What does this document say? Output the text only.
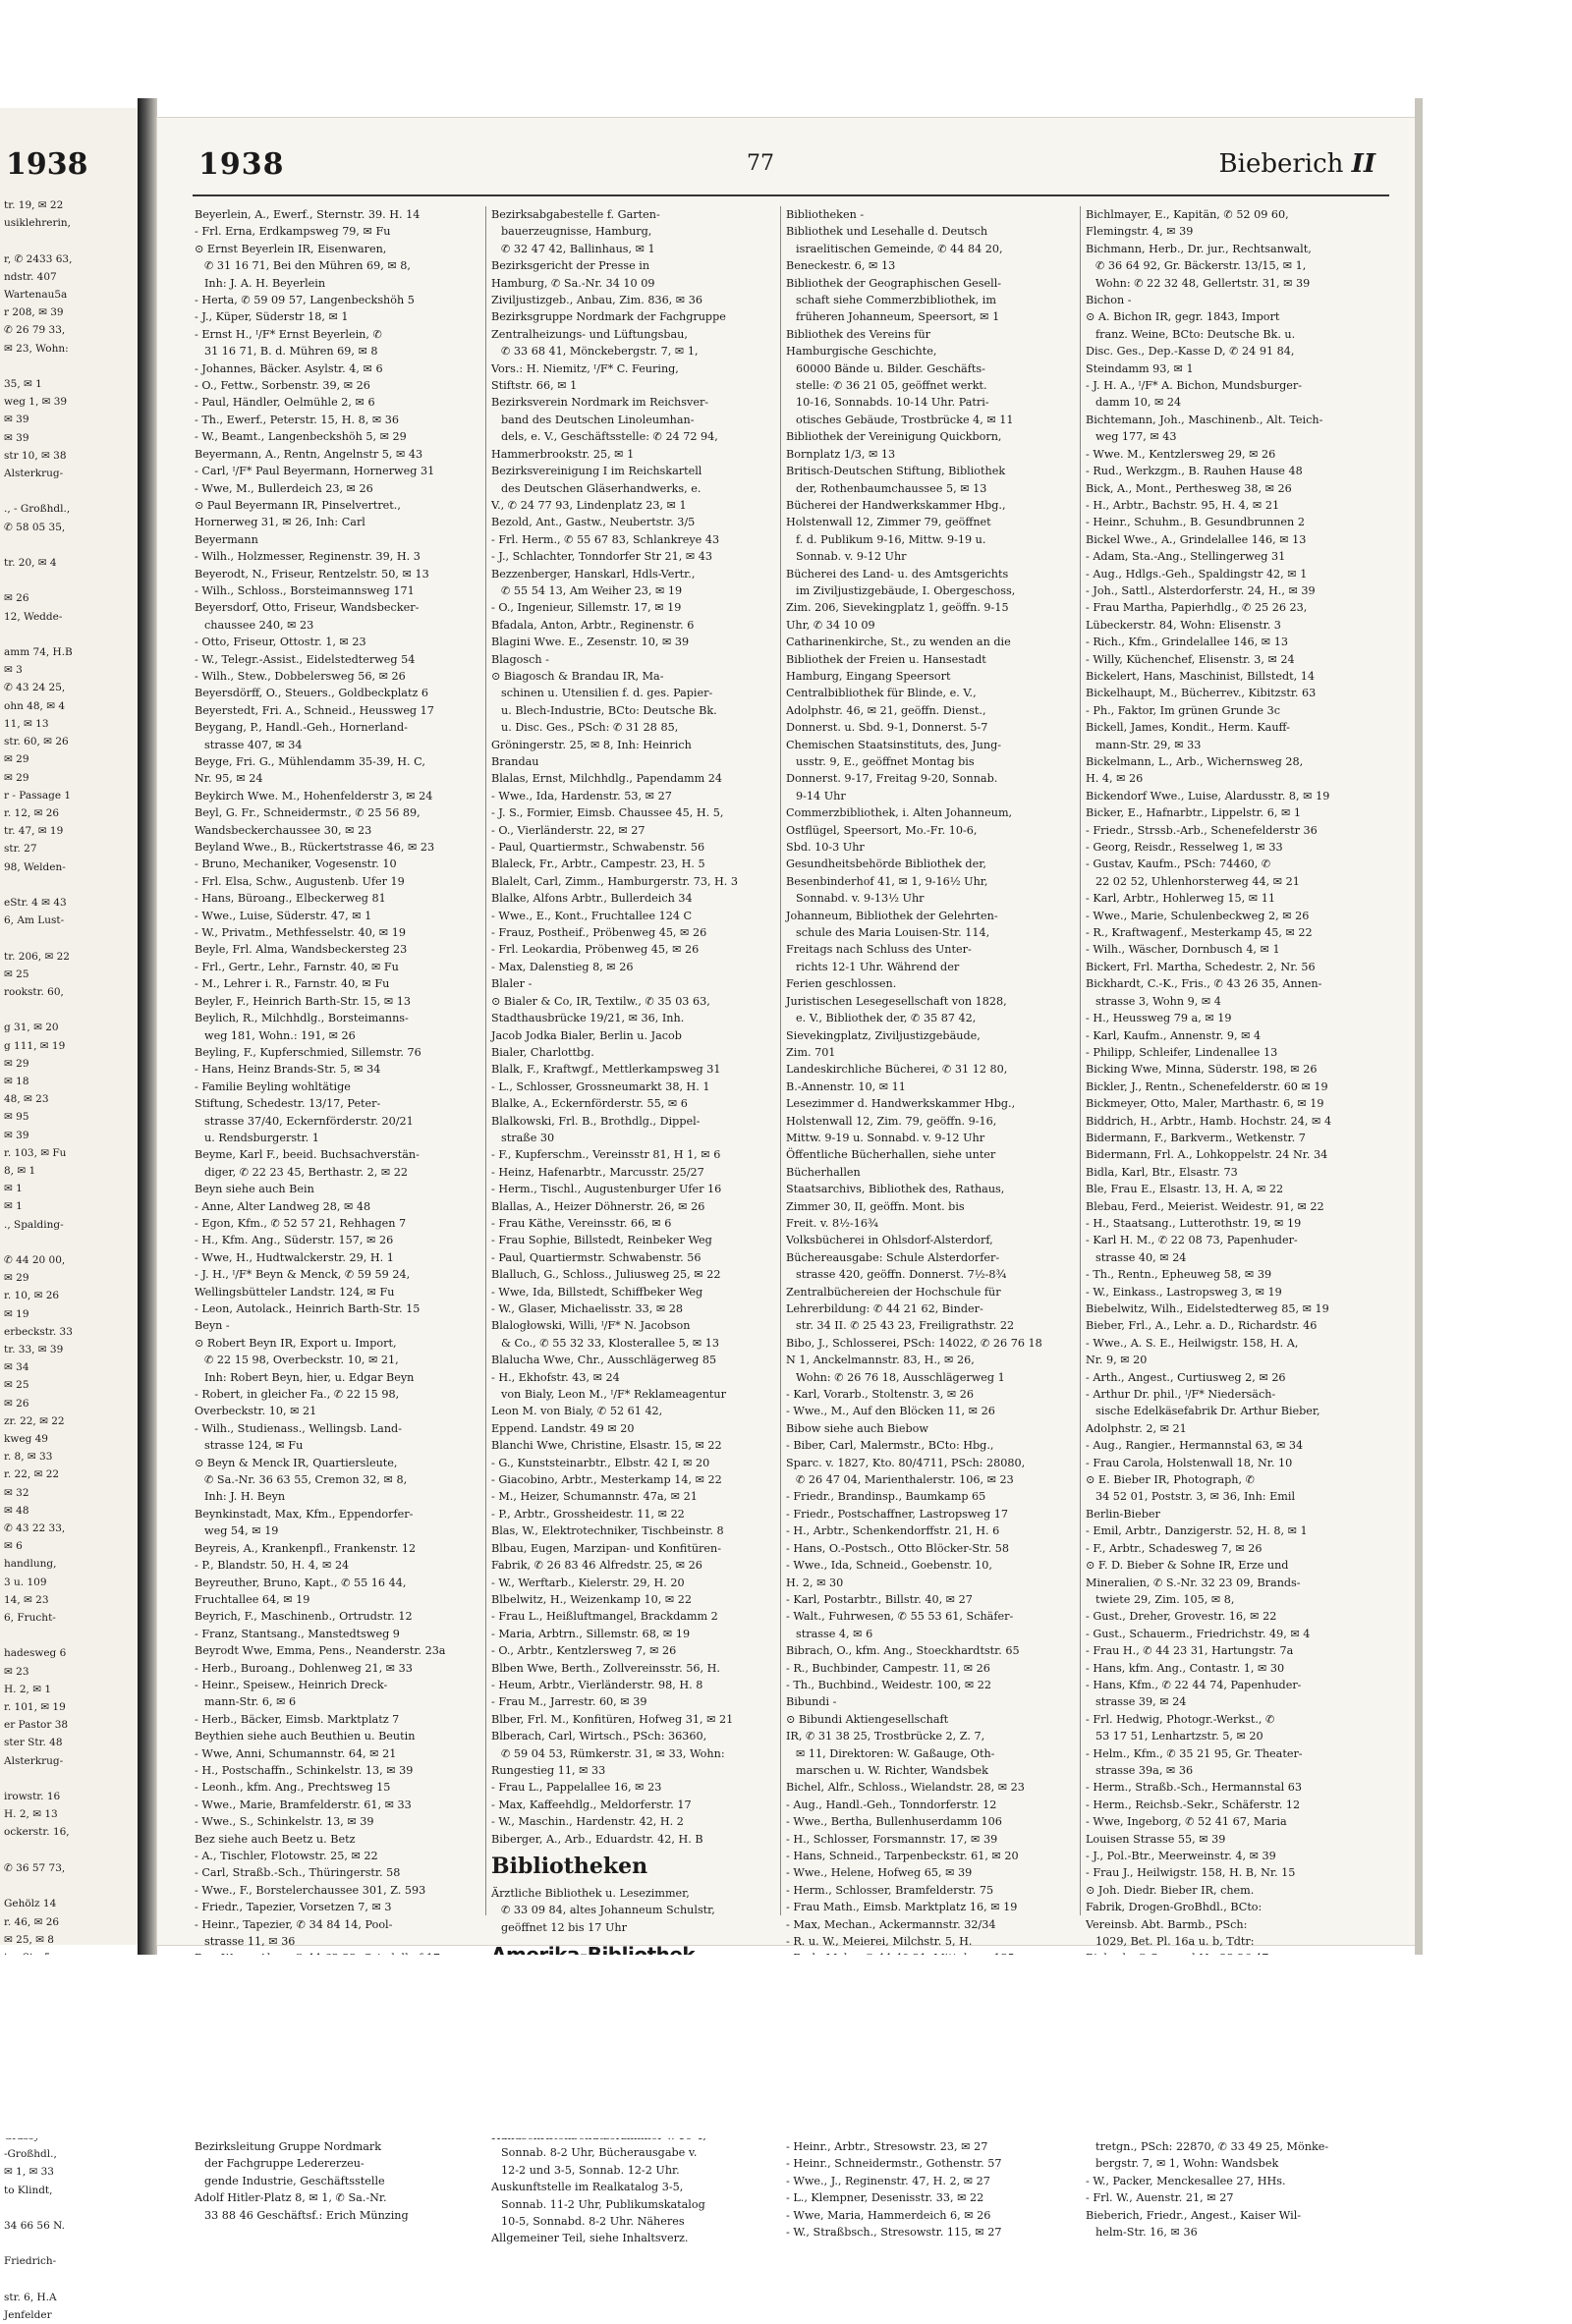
1938
tr. 19, ✉ 22
usiklehrerin,

r, ✆ 2433 63,
ndstr. 407
Wartenau5a
r 208, ✉ 39
✆ 26 79 33,
✉ 23, Wohn:

35, ✉ 1
weg 1, ✉ 39
✉ 39
✉ 39
str 10, ✉ 38
Alsterkrug-

., - Großhdl.,
✆ 58 05 35,

tr. 20, ✉ 4

✉ 26
12, Wedde-

amm 74, H.B
✉ 3
✆ 43 24 25,
ohn 48, ✉ 4
11, ✉ 13
str. 60, ✉ 26
✉ 29
✉ 29
r - Passage 1
r. 12, ✉ 26
tr. 47, ✉ 19
str. 27
98, Welden-

eStr. 4 ✉ 43
6, Am Lust-

tr. 206, ✉ 22
✉ 25
rookstr. 60,

g 31, ✉ 20
g 111, ✉ 19
✉ 29
✉ 18
48, ✉ 23
✉ 95
✉ 39
r. 103, ✉ Fu
8, ✉ 1
✉ 1
✉ 1
., Spalding-

✆ 44 20 00,
✉ 29
r. 10, ✉ 26
✉ 19
erbeckstr. 33
tr. 33, ✉ 39
✉ 34
✉ 25
✉ 26
zr. 22, ✉ 22
kweg 49
r. 8, ✉ 33
r. 22, ✉ 22
✉ 32
✉ 48
✆ 43 22 33,
✉ 6
handlung,
3 u. 109
14, ✉ 23
6, Frucht-

hadesweg 6
✉ 23
H. 2, ✉ 1
r. 101, ✉ 19
er Pastor 38
ster Str. 48
Alsterkrug-

irowstr. 16
H. 2, ✉ 13
ockerstr. 16,

✆ 36 57 73,

Gehölz 14
r. 46, ✉ 26
✉ 25, ✉ 8

-Großhdl.,
✉ 1, ✉ 33
to Klindt,

34 66 56 N.

Friedrich-

str. 6, H.A
Jenfelder
1938	77	Bieberich II
Beyerlein, A., Ewerf., Sternstr. 39. H. 14
- Frl. Erna, Erdkampsweg 79, ✉ Fu
⊙ Ernst Beyerlein IR, Eisenwaren,
✆ 31 16 71, Bei den Mühren 69, ✉ 8,
Inh: J. A. H. Beyerlein
- Herta, ✆ 59 09 57, Langenbeckshöh 5
- J., Küper, Süderstr 18, ✉ 1
- Ernst H., ᴵ/F* Ernst Beyerlein, ✆
31 16 71, B. d. Mühren 69, ✉ 8
- Johannes, Bäcker. Asylstr. 4, ✉ 6
- O., Fettw., Sorbenstr. 39, ✉ 26
- Paul, Händler, Oelmühle 2, ✉ 6
- Th., Ewerf., Peterstr. 15, H. 8, ✉ 36
- W., Beamt., Langenbeckshöh 5, ✉ 29
Beyermann, A., Rentn, Angelnstr 5, ✉ 43
- Carl, ᴵ/F* Paul Beyermann, Hornerweg 31
- Wwe, M., Bullerdeich 23, ✉ 26
⊙ Paul Beyermann IR, Pinselvertret.,
Hornerweg 31, ✉ 26, Inh: Carl
Beyermann
- Wilh., Holzmesser, Reginenstr. 39, H. 3
Beyerodt, N., Friseur, Rentzelstr. 50, ✉ 13
- Wilh., Schloss., Borsteimannsweg 171
Beyersdorf, Otto, Friseur, Wandsbecker-
chaussee 240, ✉ 23
- Otto, Friseur, Ottostr. 1, ✉ 23
- W., Telegr.-Assist., Eidelstedterweg 54
- Wilh., Stew., Dobbelersweg 56, ✉ 26
Beyersdörff, O., Steuers., Goldbeckplatz 6
Beyerstedt, Fri. A., Schneid., Heussweg 17
Beygang, P., Handl.-Geh., Hornerland-
strasse 407, ✉ 34
Beyge, Fri. G., Mühlendamm 35-39, H. C,
Nr. 95, ✉ 24
Beykirch Wwe. M., Hohenfelderstr 3, ✉ 24
Beyl, G. Fr., Schneidermstr., ✆ 25 56 89,
Wandsbeckerchaussee 30, ✉ 23
Beyland Wwe., B., Rückertstrasse 46, ✉ 23
- Bruno, Mechaniker, Vogesenstr. 10
- Frl. Elsa, Schw., Augustenb. Ufer 19
- Hans, Büroang., Elbeckerweg 81
- Wwe., Luise, Süderstr. 47, ✉ 1
- W., Privatm., Methfesselstr. 40, ✉ 19
Beyle, Frl. Alma, Wandsbeckersteg 23
- Frl., Gertr., Lehr., Farnstr. 40, ✉ Fu
- M., Lehrer i. R., Farnstr. 40, ✉ Fu
Beyler, F., Heinrich Barth-Str. 15, ✉ 13
Beylich, R., Milchhdlg., Borsteimanns-
weg 181, Wohn.: 191, ✉ 26
Beyling, F., Kupferschmied, Sillemstr. 76
- Hans, Heinz Brands-Str. 5, ✉ 34
- Familie Beyling wohltätige
Stiftung, Schedestr. 13/17, Peter-
strasse 37/40, Eckernförderstr. 20/21
u. Rendsburgerstr. 1
Beyme, Karl F., beeid. Buchsachverstän-
diger, ✆ 22 23 45, Berthastr. 2, ✉ 22
Beyn siehe auch Bein
- Anne, Alter Landweg 28, ✉ 48
- Egon, Kfm., ✆ 52 57 21, Rehhagen 7
- H., Kfm. Ang., Süderstr. 157, ✉ 26
- Wwe, H., Hudtwalckerstr. 29, H. 1
- J. H., ᴵ/F* Beyn & Menck, ✆ 59 59 24,
Wellingsbütteler Landstr. 124, ✉ Fu
- Leon, Autolack., Heinrich Barth-Str. 15
Beyn -
⊙ Robert Beyn IR, Export u. Import,
✆ 22 15 98, Overbeckstr. 10, ✉ 21,
Inh: Robert Beyn, hier, u. Edgar Beyn
- Robert, in gleicher Fa., ✆ 22 15 98,
Overbeckstr. 10, ✉ 21
- Wilh., Studienass., Wellingsb. Land-
strasse 124, ✉ Fu
⊙ Beyn & Menck IR, Quartiersleute,
✆ Sa.-Nr. 36 63 55, Cremon 32, ✉ 8,
Inh: J. H. Beyn
Beynkinstadt, Max, Kfm., Eppendorfer-
weg 54, ✉ 19
Beyreis, A., Krankenpfl., Frankenstr. 12
- P., Blandstr. 50, H. 4, ✉ 24
Beyreuther, Bruno, Kapt., ✆ 55 16 44,
Fruchtallee 64, ✉ 19
Beyrich, F., Maschinenb., Ortrudstr. 12
- Franz, Stantsang., Manstedtsweg 9
Beyrodt Wwe, Emma, Pens., Neanderstr. 23a
- Herb., Buroang., Dohlenweg 21, ✉ 33
- Heinr., Speisew., Heinrich Dreck-
mann-Str. 6, ✉ 6
- Herb., Bäcker, Eimsb. Marktplatz 7
Beythien siehe auch Beuthien u. Beutin
- Wwe, Anni, Schumannstr. 64, ✉ 21
- H., Postschaffn., Schinkelstr. 13, ✉ 39
- Leonh., kfm. Ang., Prechtsweg 15
- Wwe., Marie, Bramfelderstr. 61, ✉ 33
- Wwe., S., Schinkelstr. 13, ✉ 39
Bez siehe auch Beetz u. Betz
- A., Tischler, Flotowstr. 25, ✉ 22
- Carl, Straßb.-Sch., Thüringerstr. 58
- Wwe., F., Borstelerchaussee 301, Z. 593
- Friedr., Tapezier, Vorsetzen 7, ✉ 3
- Heinr., Tapezier, ✆ 34 84 14, Pool-
strasse 11, ✉ 36
Bezirksleitung Gruppe Nordmark
der Fachgruppe Ledererzeu-
gende Industrie, Geschäftsstelle
Adolf Hitler-Platz 8, ✉ 1, ✆ Sa.-Nr.
33 88 46 Geschäftsf.: Erich Münzing
Bezirksabgabestelle f. Garten-
bauerzeugnisse, Hamburg,
✆ 32 47 42, Ballinhaus, ✉ 1
Bezirksgericht der Presse in
Hamburg, ✆ Sa.-Nr. 34 10 09
Ziviljustizgeb., Anbau, Zim. 836, ✉ 36
Bezirksgruppe Nordmark der Fachgruppe
Zentralheizungs- und Lüftungsbau,
✆ 33 68 41, Mönckebergstr. 7, ✉ 1,
Vors.: H. Niemitz, ᴵ/F* C. Feuring,
Stiftstr. 66, ✉ 1
Bezirksverein Nordmark im Reichsver-
band des Deutschen Linoleumhan-
dels, e. V., Geschäftsstelle: ✆ 24 72 94,
Hammerbrookstr. 25, ✉ 1
Bezirksvereinigung I im Reichskartell
des Deutschen Gläserhandwerks, e.
V., ✆ 24 77 93, Lindenplatz 23, ✉ 1
Bezold, Ant., Gastw., Neubertstr. 3/5
- Frl. Herm., ✆ 55 67 83, Schlankreye 43
- J., Schlachter, Tonndorfer Str 21, ✉ 43
Bezzenberger, Hanskarl, Hdls-Vertr.,
✆ 55 54 13, Am Weiher 23, ✉ 19
- O., Ingenieur, Sillemstr. 17, ✉ 19
Bfadala, Anton, Arbtr., Reginenstr. 6
Blagini Wwe. E., Zesenstr. 10, ✉ 39
Blagosch -
⊙ Biagosch & Brandau IR, Ma-
schinen u. Utensilien f. d. ges. Papier-
u. Blech-Industrie, BCto: Deutsche Bk.
u. Disc. Ges., PSch: ✆ 31 28 85,
Gröningerstr. 25, ✉ 8, Inh: Heinrich
Brandau
Blalas, Ernst, Milchhdlg., Papendamm 24
- Wwe., Ida, Hardenstr. 53, ✉ 27
- J. S., Formier, Eimsb. Chaussee 45, H. 5,
- O., Vierländerstr. 22, ✉ 27
- Paul, Quartiermstr., Schwabenstr. 56
Blaleck, Fr., Arbtr., Campestr. 23, H. 5
Blalelt, Carl, Zimm., Hamburgerstr. 73, H. 3
Blalke, Alfons Arbtr., Bullerdeich 34
- Wwe., E., Kont., Fruchtallee 124 C
- Frauz, Postheif., Pröbenweg 45, ✉ 26
- Frl. Leokardia, Pröbenweg 45, ✉ 26
- Max, Dalenstieg 8, ✉ 26
Blaler -
⊙ Bialer & Co, IR, Textilw., ✆ 35 03 63,
Stadthausbrücke 19/21, ✉ 36, Inh.
Jacob Jodka Bialer, Berlin u. Jacob
Bialer, Charlottbg.
Blalk, F., Kraftwgf., Mettlerkampsweg 31
- L., Schlosser, Grossneumarkt 38, H. 1
Blalke, A., Eckernförderstr. 55, ✉ 6
Blalkowski, Frl. B., Brothdlg., Dippel-
straße 30
- F., Kupferschm., Vereinsstr 81, H 1, ✉ 6
- Heinz, Hafenarbtr., Marcusstr. 25/27
- Herm., Tischl., Augustenburger Ufer 16
Blallas, A., Heizer Döhnerstr. 26, ✉ 26
- Frau Käthe, Vereinsstr. 66, ✉ 6
- Frau Sophie, Billstedt, Reinbeker Weg
- Paul, Quartiermstr. Schwabenstr. 56
Blalluch, G., Schloss., Juliusweg 25, ✉ 22
- Wwe, Ida, Billstedt, Schiffbeker Weg
- W., Glaser, Michaelisstr. 33, ✉ 28
Blalogłowski, Willi, ᴵ/F* N. Jacobson
& Co., ✆ 55 32 33, Klosterallee 5, ✉ 13
Blalucha Wwe, Chr., Ausschlägerweg 85
- H., Ekhofstr. 43, ✉ 24
von Bialy, Leon M., ᴵ/F* Reklameagentur
Leon M. von Bialy, ✆ 52 61 42,
Eppend. Landstr. 49 ✉ 20
Blanchi Wwe, Christine, Elsastr. 15, ✉ 22
- G., Kunststeinarbtr., Elbstr. 42 I, ✉ 20
- Giacobino, Arbtr., Mesterkamp 14, ✉ 22
- M., Heizer, Schumannstr. 47a, ✉ 21
- P., Arbtr., Grossheidestr. 11, ✉ 22
Blas, W., Elektrotechniker, Tischbeinstr. 8
Blbau, Eugen, Marzipan- und Konfitüren-
Fabrik, ✆ 26 83 46 Alfredstr. 25, ✉ 26
- W., Werftarb., Kielerstr. 29, H. 20
Blbelwitz, H., Weizenkamp 10, ✉ 22
- Frau L., Heißluftmangel, Brackdamm 2
- Maria, Arbtrn., Sillemstr. 68, ✉ 19
- O., Arbtr., Kentzlersweg 7, ✉ 26
Blben Wwe, Berth., Zollvereinsstr. 56, H.
- Heum, Arbtr., Vierländerstr. 98, H. 8
- Frau M., Jarrestr. 60, ✉ 39
Blber, Frl. M., Konfitüren, Hofweg 31, ✉ 21
Blberach, Carl, Wirtsch., PSch: 36360,
✆ 59 04 53, Rümkerstr. 31, ✉ 33, Wohn:
Rungestieg 11, ✉ 33
- Frau L., Pappelallee 16, ✉ 23
- Max, Kaffeehdlg., Meldorferstr. 17
- W., Maschin., Hardenstr. 42, H. 2
Biberger, A., Arb., Eduardstr. 42, H. B
Bibliotheken
Ärztliche Bibliothek u. Lesezimmer,
✆ 33 09 84, altes Johanneum Schulstr,
geöffnet 12 bis 17 Uhr
Sonnab. 8-2 Uhr, Bücherausgabe v.
12-2 und 3-5, Sonnab. 12-2 Uhr.
Auskunftstelle im Realkatalog 3-5,
Sonnab. 11-2 Uhr, Publikumskatalog
10-5, Sonnabd. 8-2 Uhr. Näheres
Allgemeiner Teil, siehe Inhaltsverz.
Bibliotheken -
Bibliothek und Lesehalle d. Deutsch
israelitischen Gemeinde, ✆ 44 84 20,
Beneckestr. 6, ✉ 13
Bibliothek der Geographischen Gesell-
schaft siehe Commerzbibliothek, im
früheren Johanneum, Speersort, ✉ 1
Bibliothek des Vereins für
Hamburgische Geschichte,
60000 Bände u. Bilder. Geschäfts-
stelle: ✆ 36 21 05, geöffnet werkt.
10-16, Sonnabds. 10-14 Uhr. Patri-
otisches Gebäude, Trostbrücke 4, ✉ 11
Bibliothek der Vereinigung Quickborn,
Bornplatz 1/3, ✉ 13
Britisch-Deutschen Stiftung, Bibliothek
der, Rothenbaumchaussee 5, ✉ 13
Bücherei der Handwerkskammer Hbg.,
Holstenwall 12, Zimmer 79, geöffnet
f. d. Publikum 9-16, Mittw. 9-19 u.
Sonnab. v. 9-12 Uhr
Bücherei des Land- u. des Amtsgerichts
im Ziviljustizgebäude, I. Obergeschoss,
Zim. 206, Sievekingplatz 1, geöffn. 9-15
Uhr, ✆ 34 10 09
Catharinenkirche, St., zu wenden an die
Bibliothek der Freien u. Hansestadt
Hamburg, Eingang Speersort
Centralbibliothek für Blinde, e. V.,
Adolphstr. 46, ✉ 21, geöffn. Dienst.,
Donnerst. u. Sbd. 9-1, Donnerst. 5-7
Chemischen Staatsinstituts, des, Jung-
usstr. 9, E., geöffnet Montag bis
Donnerst. 9-17, Freitag 9-20, Sonnab.
9-14 Uhr
Commerzbibliothek, i. Alten Johanneum,
Ostflügel, Speersort, Mo.-Fr. 10-6,
Sbd. 10-3 Uhr
Gesundheitsbehörde Bibliothek der,
Besenbinderhof 41, ✉ 1, 9-16½ Uhr,
Sonnabd. v. 9-13½ Uhr
Johanneum, Bibliothek der Gelehrten-
schule des Maria Louisen-Str. 114,
Freitags nach Schluss des Unter-
richts 12-1 Uhr. Während der
Ferien geschlossen.
Juristischen Lesegesellschaft von 1828,
e. V., Bibliothek der, ✆ 35 87 42,
Sievekingplatz, Ziviljustizgebäude,
Zim. 701
Landeskirchliche Bücherei, ✆ 31 12 80,
B.-Annenstr. 10, ✉ 11
Lesezimmer d. Handwerkskammer Hbg.,
Holstenwall 12, Zim. 79, geöffn. 9-16,
Mittw. 9-19 u. Sonnabd. v. 9-12 Uhr
Öffentliche Bücherhallen, siehe unter
Bücherhallen
Staatsarchivs, Bibliothek des, Rathaus,
Zimmer 30, II, geöffn. Mont. bis
Freit. v. 8½-16¾
Volksbücherei in Ohlsdorf-Alsterdorf,
Büchereausgabe: Schule Alsterdorfer-
strasse 420, geöffn. Donnerst. 7½-8¾
Zentralbüchereien der Hochschule für
Lehrerbildung: ✆ 44 21 62, Binder-
str. 34 II. ✆ 25 43 23, Freiligrathstr. 22
Bibo, J., Schlosserei, PSch: 14022, ✆ 26 76 18
N 1, Anckelmannstr. 83, H., ✉ 26,
Wohn: ✆ 26 76 18, Ausschlägerweg 1
- Karl, Vorarb., Stoltenstr. 3, ✉ 26
- Wwe., M., Auf den Blöcken 11, ✉ 26
Bibow siehe auch Biebow
- Biber, Carl, Malermstr., BCto: Hbg.,
Sparc. v. 1827, Kto. 80/4711, PSch: 28080,
✆ 26 47 04, Marienthalerstr. 106, ✉ 23
- Friedr., Brandinsp., Baumkamp 65
- Friedr., Postschaffner, Lastropsweg 17
- H., Arbtr., Schenkendorffstr. 21, H. 6
- Hans, O.-Postsch., Otto Blöcker-Str. 58
- Wwe., Ida, Schneid., Goebenstr. 10,
H. 2, ✉ 30
- Karl, Postarbtr., Billstr. 40, ✉ 27
- Walt., Fuhrwesen, ✆ 55 53 61, Schäfer-
strasse 4, ✉ 6
Bibrach, O., kfm. Ang., Stoeckhardtstr. 65
- R., Buchbinder, Campestr. 11, ✉ 26
- Th., Buchbind., Weidestr. 100, ✉ 22
Bibundi -
⊙ Bibundi Aktiengesellschaft
IR, ✆ 31 38 25, Trostbrücke 2, Z. 7,
✉ 11, Direktoren: W. Gaßauge, Oth-
marschen u. W. Richter, Wandsbek
Bichel, Alfr., Schloss., Wielandstr. 28, ✉ 23
- Aug., Handl.-Geh., Tonndorferstr. 12
- Wwe., Bertha, Bullenhuserdamm 106
- H., Schlosser, Forsmannstr. 17, ✉ 39
- Hans, Schneid., Tarpenbeckstr. 61, ✉ 20
- Wwe., Helene, Hofweg 65, ✉ 39
- Herm., Schlosser, Bramfelderstr. 75
- Frau Math., Eimsb. Marktplatz 16, ✉ 19
- Max, Mechan., Ackermannstr. 32/34
- R. u. W., Meierei, Milchstr. 5, H.
- Heinr., Arbtr., Stresowstr. 23, ✉ 27
- Heinr., Schneidermstr., Gothenstr. 57
- Wwe., J., Reginenstr. 47, H. 2, ✉ 27
- L., Klempner, Desenisstr. 33, ✉ 22
- Wwe, Maria, Hammerdeich 6, ✉ 26
- W., Straßbsch., Stresowstr. 115, ✉ 27
Bichlmayer, E., Kapitän, ✆ 52 09 60,
Flemingstr. 4, ✉ 39
Bichmann, Herb., Dr. jur., Rechtsanwalt,
✆ 36 64 92, Gr. Bäckerstr. 13/15, ✉ 1,
Wohn: ✆ 22 32 48, Gellertstr. 31, ✉ 39
Bichon -
⊙ A. Bichon IR, gegr. 1843, Import
franz. Weine, BCto: Deutsche Bk. u.
Disc. Ges., Dep.-Kasse D, ✆ 24 91 84,
Steindamm 93, ✉ 1
- J. H. A., ᴵ/F* A. Bichon, Mundsburger-
damm 10, ✉ 24
Bichtemann, Joh., Maschinenb., Alt. Teich-
weg 177, ✉ 43
- Wwe. M., Kentzlersweg 29, ✉ 26
- Rud., Werkzgm., B. Rauhen Hause 48
Bick, A., Mont., Perthesweg 38, ✉ 26
- H., Arbtr., Bachstr. 95, H. 4, ✉ 21
- Heinr., Schuhm., B. Gesundbrunnen 2
Bickel Wwe., A., Grindelallee 146, ✉ 13
- Adam, Sta.-Ang., Stellingerweg 31
- Aug., Hdlgs.-Geh., Spaldingstr 42, ✉ 1
- Joh., Sattl., Alsterdorferstr. 24, H., ✉ 39
- Frau Martha, Papierhdlg., ✆ 25 26 23,
Lübeckerstr. 84, Wohn: Elisenstr. 3
- Rich., Kfm., Grindelallee 146, ✉ 13
- Willy, Küchenchef, Elisenstr. 3, ✉ 24
Bickelert, Hans, Maschinist, Billstedt, 14
Bickelhaupt, M., Bücherrev., Kibitzstr. 63
- Ph., Faktor, Im grünen Grunde 3c
Bickell, James, Kondit., Herm. Kauff-
mann-Str. 29, ✉ 33
Bickelmann, L., Arb., Wichernsweg 28,
H. 4, ✉ 26
Bickendorf Wwe., Luise, Alardusstr. 8, ✉ 19
Bicker, E., Hafnarbtr., Lippelstr. 6, ✉ 1
- Friedr., Strssb.-Arb., Schenefelderstr 36
- Georg, Reisdr., Resselweg 1, ✉ 33
- Gustav, Kaufm., PSch: 74460, ✆
22 02 52, Uhlenhorsterweg 44, ✉ 21
- Karl, Arbtr., Hohlerweg 15, ✉ 11
- Wwe., Marie, Schulenbeckweg 2, ✉ 26
- R., Kraftwagenf., Mesterkamp 45, ✉ 22
- Wilh., Wäscher, Dornbusch 4, ✉ 1
Bickert, Frl. Martha, Schedestr. 2, Nr. 56
Bickhardt, C.-K., Fris., ✆ 43 26 35, Annen-
strasse 3, Wohn 9, ✉ 4
- H., Heussweg 79 a, ✉ 19
- Karl, Kaufm., Annenstr. 9, ✉ 4
- Philipp, Schleifer, Lindenallee 13
Bicking Wwe, Minna, Süderstr. 198, ✉ 26
Bickler, J., Rentn., Schenefelderstr. 60 ✉ 19
Bickmeyer, Otto, Maler, Marthastr. 6, ✉ 19
Biddrich, H., Arbtr., Hamb. Hochstr. 24, ✉ 4
Bidermann, F., Barkverm., Wetkenstr. 7
Bidermann, Frl. A., Lohkoppelstr. 24 Nr. 34
Bidla, Karl, Btr., Elsastr. 73
Ble, Frau E., Elsastr. 13, H. A, ✉ 22
Blebau, Ferd., Meierist. Weidestr. 91, ✉ 22
- H., Staatsang., Lutterothstr. 19, ✉ 19
- Karl H. M., ✆ 22 08 73, Papenhuder-
strasse 40, ✉ 24
- Th., Rentn., Epheuweg 58, ✉ 39
- W., Einkass., Lastropsweg 3, ✉ 19
Biebelwitz, Wilh., Eidelstedterweg 85, ✉ 19
Bieber, Frl., A., Lehr. a. D., Richardstr. 46
- Wwe., A. S. E., Heilwigstr. 158, H. A,
Nr. 9, ✉ 20
- Arth., Angest., Curtiusweg 2, ✉ 26
- Arthur Dr. phil., ᴵ/F* Niedersäch-
sische Edelkäsefabrik Dr. Arthur Bieber,
Adolphstr. 2, ✉ 21
- Aug., Rangier., Hermannstal 63, ✉ 34
- Frau Carola, Holstenwall 18, Nr. 10
⊙ E. Bieber IR, Photograph, ✆
34 52 01, Poststr. 3, ✉ 36, Inh: Emil
Berlin-Bieber
- Emil, Arbtr., Danzigerstr. 52, H. 8, ✉ 1
- F., Arbtr., Schadesweg 7, ✉ 26
⊙ F. D. Bieber & Sohne IR, Erze und
Mineralien, ✆ S.-Nr. 32 23 09, Brands-
twiete 29, Zim. 105, ✉ 8,
- Gust., Dreher, Grovestr. 16, ✉ 22
- Gust., Schauerm., Friedrichstr. 49, ✉ 4
- Frau H., ✆ 44 23 31, Hartungstr. 7a
- Hans, kfm. Ang., Contastr. 1, ✉ 30
- Hans, Kfm., ✆ 22 44 74, Papenhuder-
strasse 39, ✉ 24
- Frl. Hedwig, Photogr.-Werkst., ✆
53 17 51, Lenhartzstr. 5, ✉ 20
- Helm., Kfm., ✆ 35 21 95, Gr. Theater-
strasse 39a, ✉ 36
- Herm., Straßb.-Sch., Hermannstal 63
- Herm., Reichsb.-Sekr., Schäferstr. 12
- Wwe, Ingeborg, ✆ 52 41 67, Maria
Louisen Strasse 55, ✉ 39
- J., Pol.-Btr., Meerweinstr. 4, ✉ 39
- Frau J., Heilwigstr. 158, H. B, Nr. 15
⊙ Joh. Diedr. Bieber IR, chem.
Fabrik, Drogen-GroBhdl., BCto:
Vereinsb. Abt. Barmb., PSch:
1029, Bet. Pl. 16a u. b, Tdtr:
tretgn., PSch: 22870, ✆ 33 49 25, Mönke-
bergstr. 7, ✉ 1, Wohn: Wandsbek
- W., Packer, Menckesallee 27, HHs.
- Frl. W., Auenstr. 21, ✉ 27
Bieberich, Friedr., Angest., Kaiser Wil-
helm-Str. 16, ✉ 36
